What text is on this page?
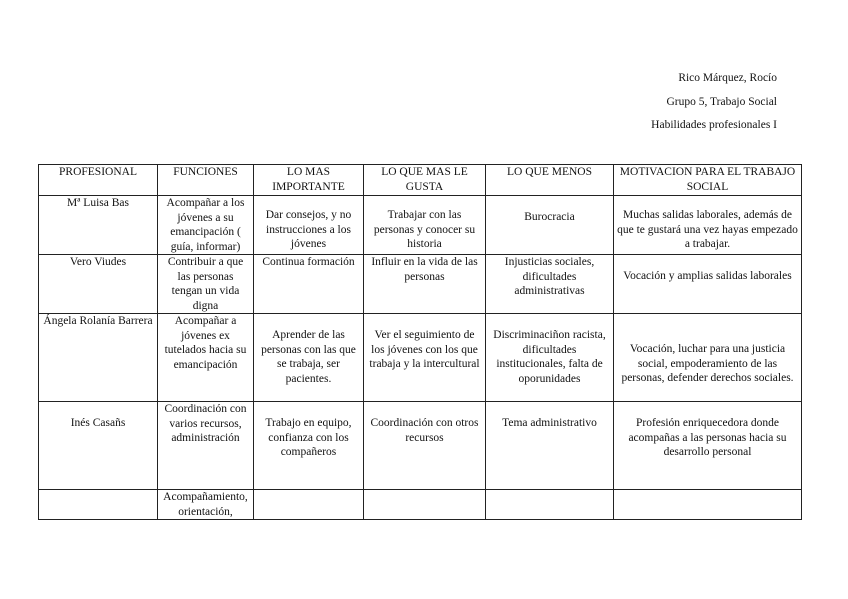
Rico Márquez, Rocío
Grupo 5, Trabajo Social
Habilidades profesionales I
PROFESIONAL	FUNCIONES	LO MAS IMPORTANTE	LO QUE MAS LE GUSTA	LO QUE MENOS	MOTIVACION PARA EL TRABAJO SOCIAL
Mª Luisa Bas	Acompañar a los jóvenes a su emancipación ( guía, informar)	Dar consejos, y no instrucciones a los jóvenes	Trabajar con las personas y conocer su historia	Burocracia	Muchas salidas laborales, además de que te gustará una vez hayas empezado a trabajar.
Vero Viudes	Contribuir a que las personas tengan un vida digna	Continua formación	Influir en la vida de las personas	Injusticias sociales, dificultades administrativas	Vocación y amplias salidas laborales
Ángela Rolanía Barrera	Acompañar a jóvenes ex tutelados hacia su emancipación	Aprender de las personas con las que se trabaja, ser pacientes.	Ver el seguimiento de los jóvenes con los que trabaja y la intercultural	Discriminaciñon racista, dificultades institucionales, falta de oporunidades	Vocación, luchar para una justicia social, empoderamiento de las personas, defender derechos sociales.
Inés Casañs	Coordinación con varios recursos, administración	Trabajo en equipo, confianza con los compañeros	Coordinación con otros recursos	Tema administrativo	Profesión enriquecedora donde acompañas a las personas hacia su desarrollo personal
	Acompañamiento, orientación,				
